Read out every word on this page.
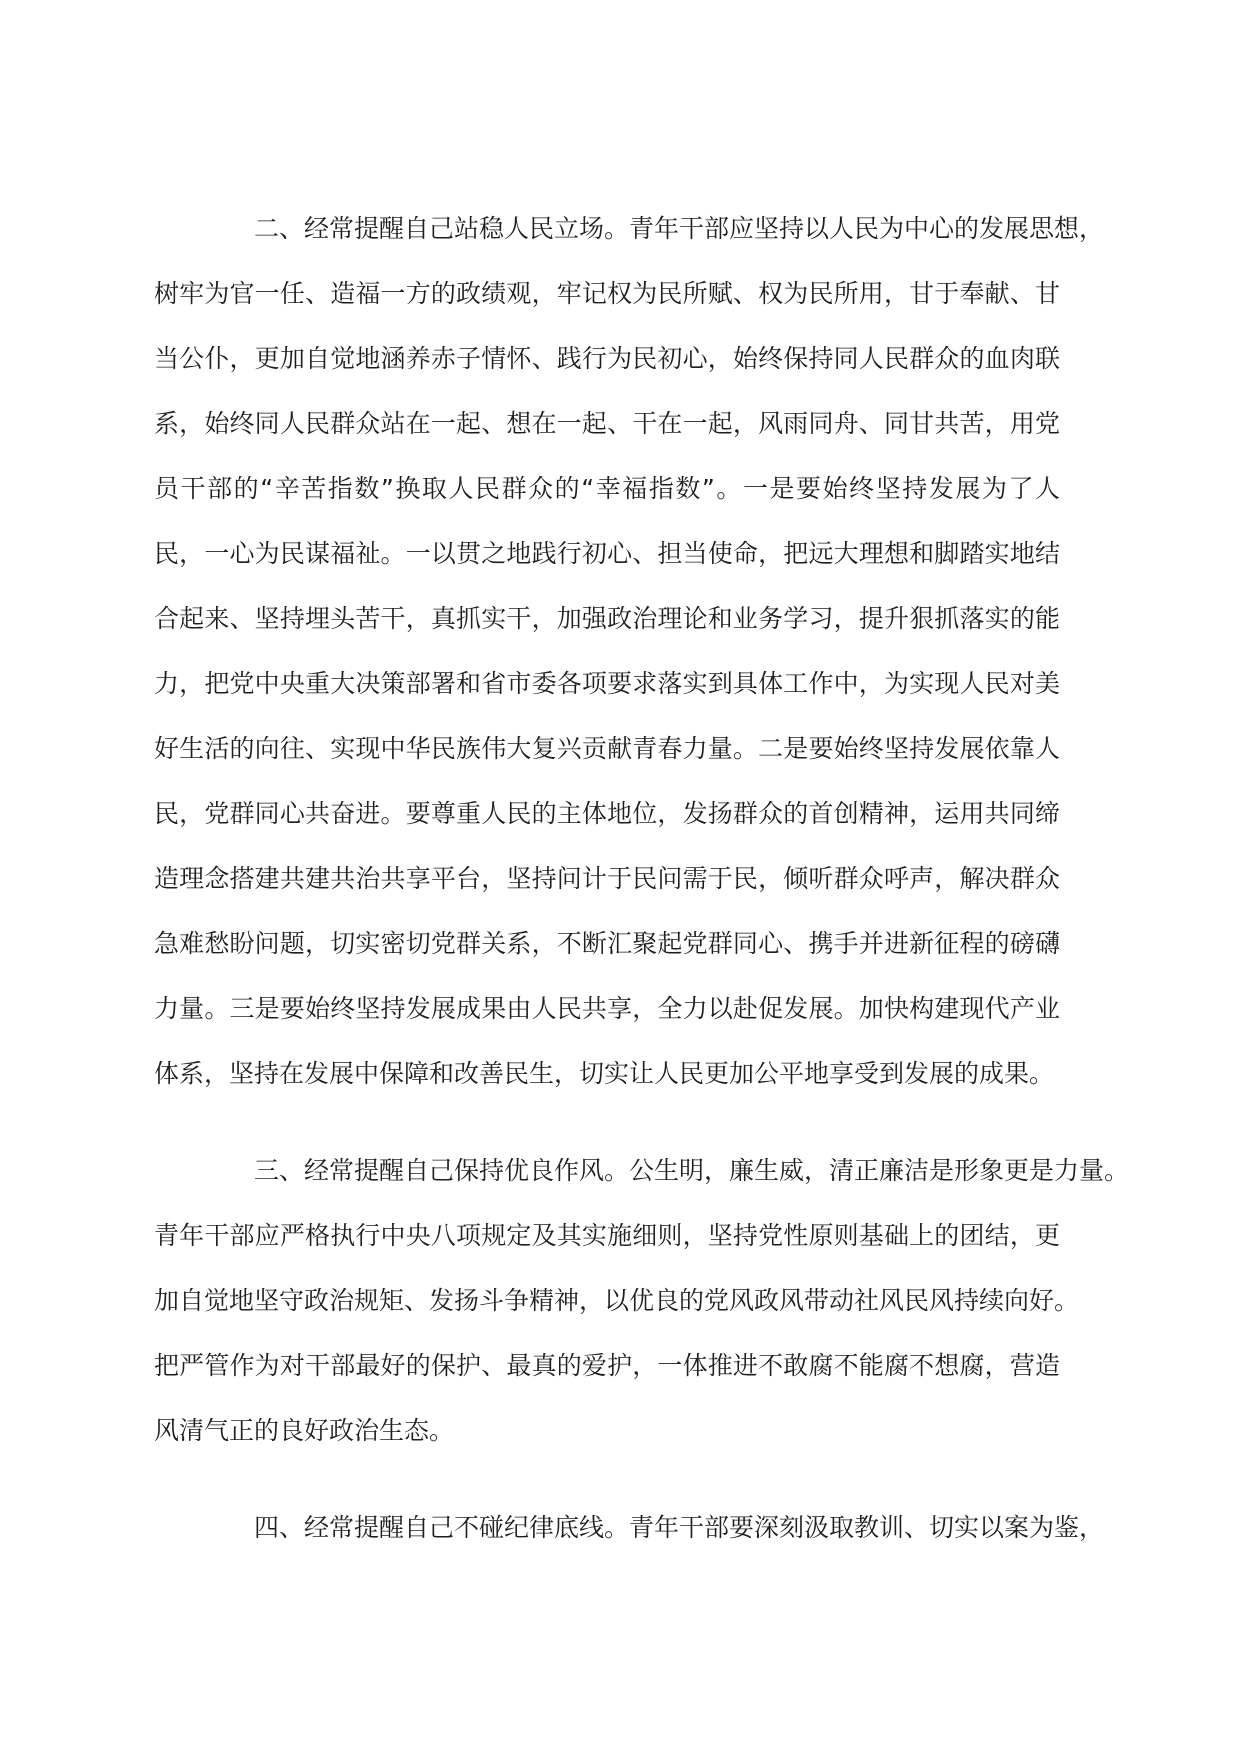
二、经常提醒自己站稳人民立场。青年干部应坚持以人民为中心的发展思想，
树牢为官一任、造福一方的政绩观，牢记权为民所赋、权为民所用，甘于奉献、甘
当公仆，更加自觉地涵养赤子情怀、践行为民初心，始终保持同人民群众的血肉联
系，始终同人民群众站在一起、想在一起、干在一起，风雨同舟、同甘共苦，用党
员干部的“辛苦指数”换取人民群众的“幸福指数”。一是要始终坚持发展为了人
民，一心为民谋福祉。一以贯之地践行初心、担当使命，把远大理想和脚踏实地结
合起来、坚持埋头苦干，真抓实干，加强政治理论和业务学习，提升狠抓落实的能
力，把党中央重大决策部署和省市委各项要求落实到具体工作中，为实现人民对美
好生活的向往、实现中华民族伟大复兴贡献青春力量。二是要始终坚持发展依靠人
民，党群同心共奋进。要尊重人民的主体地位，发扬群众的首创精神，运用共同缔
造理念搭建共建共治共享平台，坚持问计于民问需于民，倾听群众呼声，解决群众
急难愁盼问题，切实密切党群关系，不断汇聚起党群同心、携手并进新征程的磅礴
力量。三是要始终坚持发展成果由人民共享，全力以赴促发展。加快构建现代产业
体系，坚持在发展中保障和改善民生，切实让人民更加公平地享受到发展的成果。
三、经常提醒自己保持优良作风。公生明，廉生威，清正廉洁是形象更是力量。
青年干部应严格执行中央八项规定及其实施细则，坚持党性原则基础上的团结，更
加自觉地坚守政治规矩、发扬斗争精神，以优良的党风政风带动社风民风持续向好。
把严管作为对干部最好的保护、最真的爱护，一体推进不敢腐不能腐不想腐，营造
风清气正的良好政治生态。
四、经常提醒自己不碰纪律底线。青年干部要深刻汲取教训、切实以案为鉴，
